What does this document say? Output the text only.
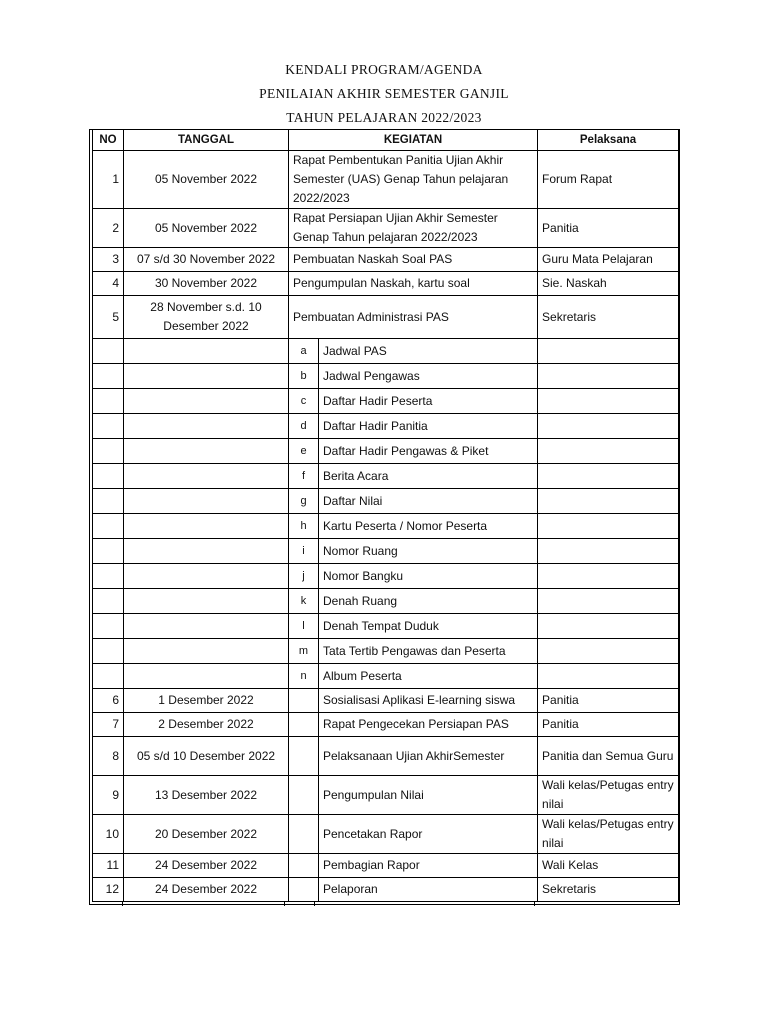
KENDALI PROGRAM/AGENDA
PENILAIAN AKHIR SEMESTER GANJIL
TAHUN PELAJARAN 2022/2023
NO	TANGGAL	KEGIATAN		Pelaksana
1	05 November 2022	Rapat Pembentukan Panitia Ujian Akhir Semester (UAS) Genap Tahun pelajaran 2022/2023		Forum Rapat
2	05 November 2022	Rapat Persiapan Ujian Akhir Semester Genap Tahun pelajaran 2022/2023		Panitia
3	07 s/d 30 November 2022	Pembuatan Naskah Soal PAS		Guru Mata Pelajaran
4	30 November 2022	Pengumpulan Naskah, kartu soal		Sie. Naskah
5	28 November s.d. 10 Desember 2022	Pembuatan Administrasi PAS		Sekretaris
		a	Jadwal PAS	
		b	Jadwal Pengawas	
		c	Daftar Hadir Peserta	
		d	Daftar Hadir Panitia	
		e	Daftar Hadir Pengawas & Piket	
		f	Berita Acara	
		g	Daftar Nilai	
		h	Kartu Peserta / Nomor Peserta	
		i	Nomor Ruang	
		j	Nomor Bangku	
		k	Denah Ruang	
		l	Denah Tempat Duduk	
		m	Tata Tertib Pengawas dan Peserta	
		n	Album Peserta	
6	1 Desember 2022		Sosialisasi Aplikasi E-learning siswa	Panitia
7	2 Desember 2022		Rapat Pengecekan Persiapan PAS	Panitia
8	05 s/d 10 Desember 2022		Pelaksanaan Ujian AkhirSemester	Panitia dan Semua Guru
9	13 Desember 2022		Pengumpulan Nilai	Wali kelas/Petugas entry nilai
10	20 Desember 2022		Pencetakan Rapor	Wali kelas/Petugas entry nilai
11	24 Desember 2022		Pembagian Rapor	Wali Kelas
12	24 Desember 2022		Pelaporan	Sekretaris
